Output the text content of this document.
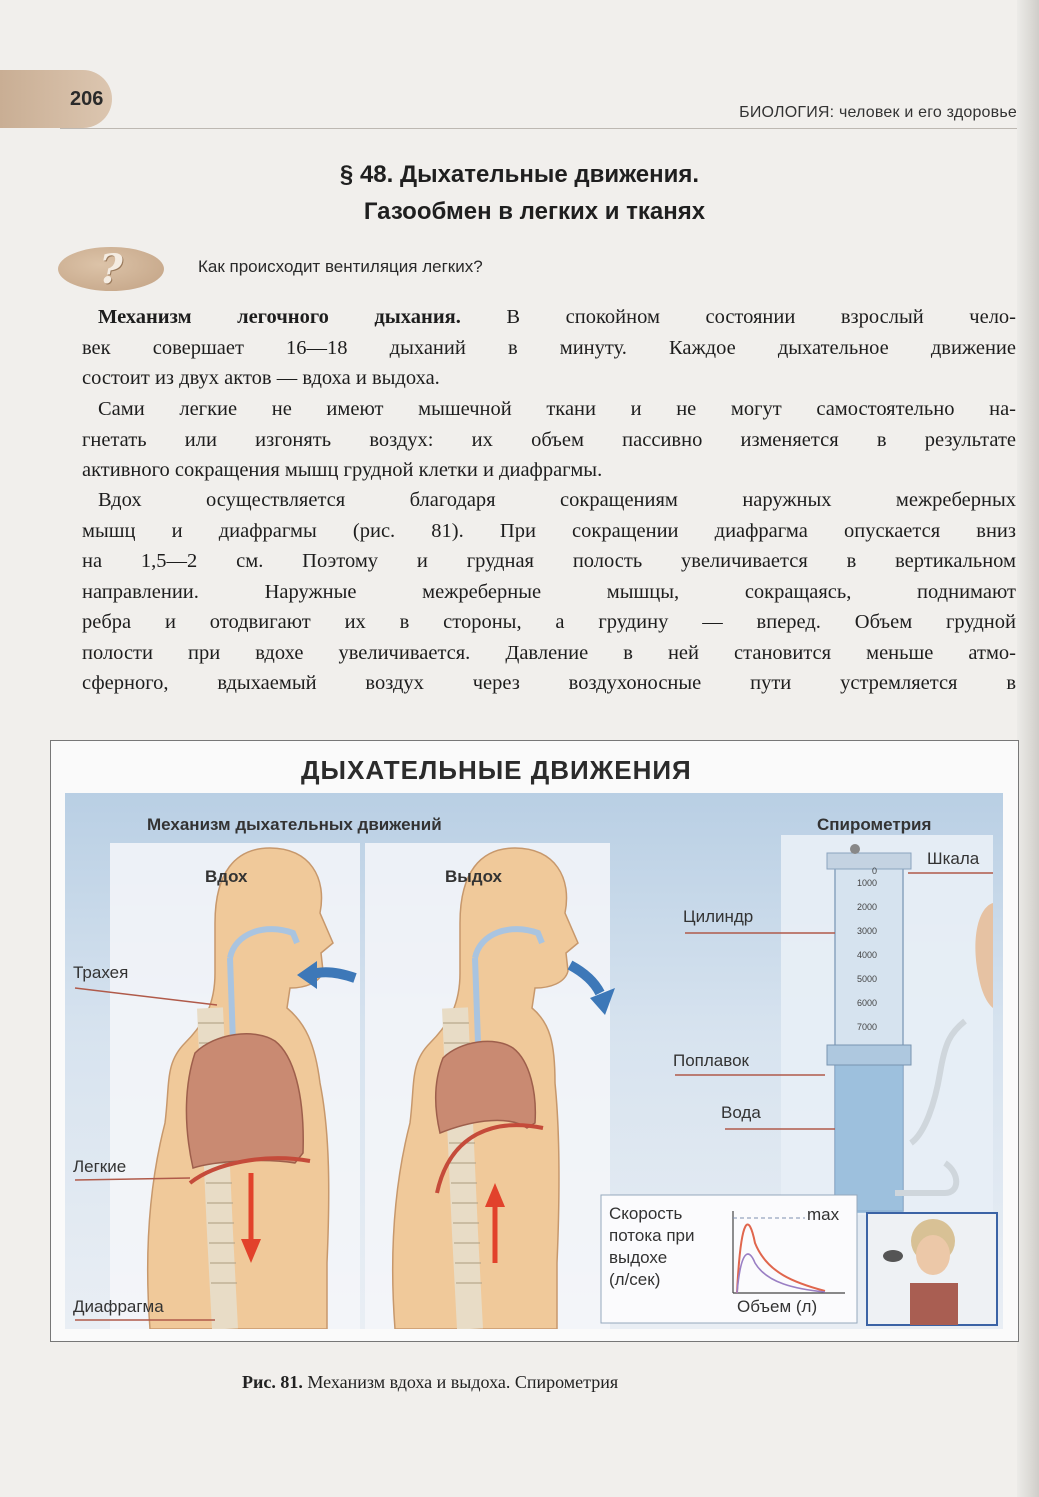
206
БИОЛОГИЯ: человек и его здоровье
§ 48. Дыхательные движения.
Газообмен в легких и тканях
?	Как происходит вентиляция легких?
Механизм легочного дыхания. В спокойном состоянии взрослый чело-
век совершает 16—18 дыханий в минуту. Каждое дыхательное движение
состоит из двух актов — вдоха и выдоха.
Сами легкие не имеют мышечной ткани и не могут самостоятельно на-
гнетать или изгонять воздух: их объем пассивно изменяется в результате
активного сокращения мышц грудной клетки и диафрагмы.
Вдох осуществляется благодаря сокращениям наружных межреберных
мышц и диафрагмы (рис. 81). При сокращении диафрагма опускается вниз
на 1,5—2 см. Поэтому и грудная полость увеличивается в вертикальном
направлении. Наружные межреберные мышцы, сокращаясь, поднимают
ребра и отодвигают их в стороны, а грудину — вперед. Объем грудной
полости при вдохе увеличивается. Давление в ней становится меньше атмо-
сферного, вдыхаемый воздух через воздухоносные пути устремляется в
ДЫХАТЕЛЬНЫЕ ДВИЖЕНИЯ
Механизм дыхательных движений	Спирометрия
Вдох	Выдох
Трахея
Легкие
Диафрагма
Цилиндр
Поплавок
Вода
Шкала
0
1000
2000
3000
4000
5000
6000
7000
Скорость
потока при
выдохе
(л/сек)
max
Объем (л)
Рис. 81. Механизм вдоха и выдоха. Спирометрия
